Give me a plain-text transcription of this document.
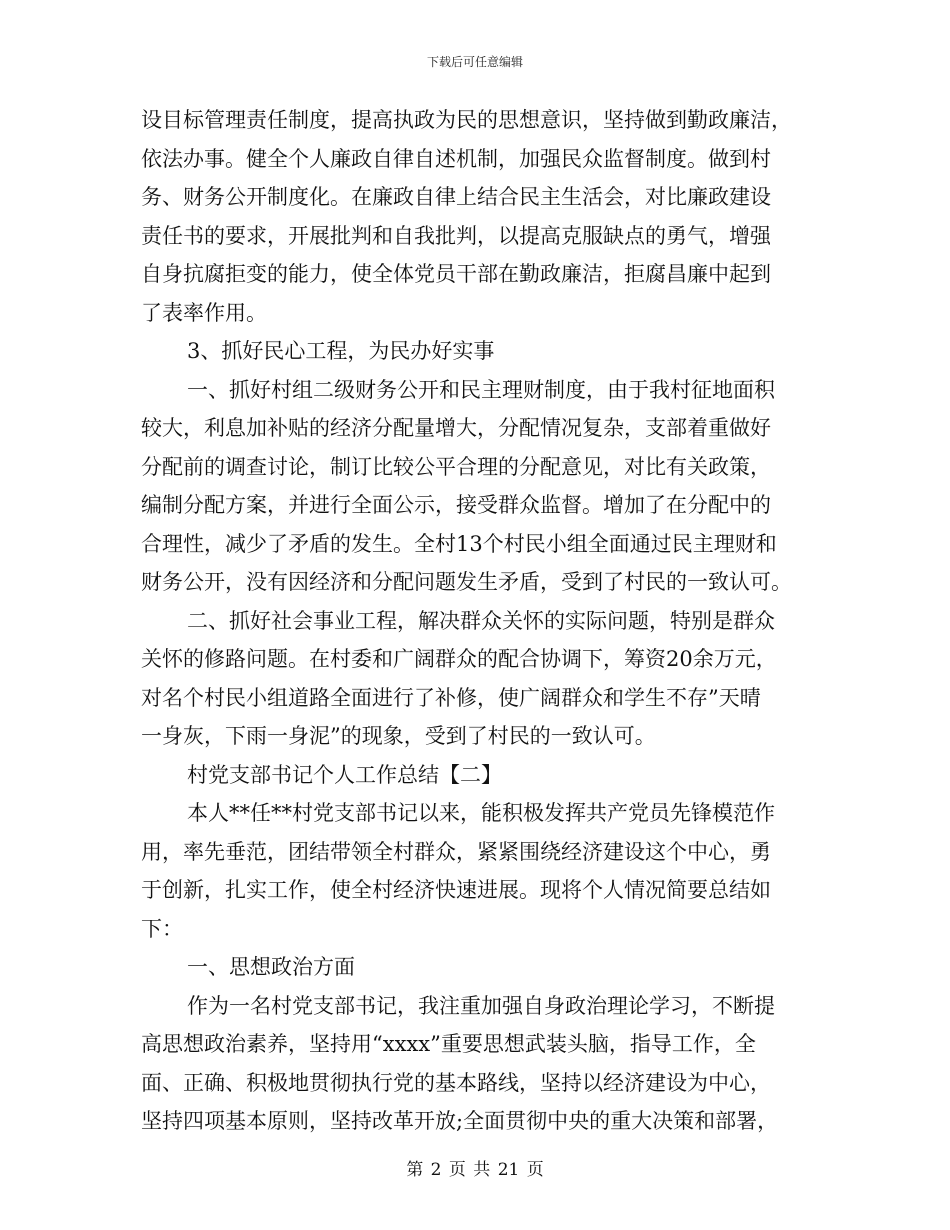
下载后可任意编辑

设目标管理责任制度，提高执政为民的思想意识，坚持做到勤政廉洁，
依法办事。健全个人廉政自律自述机制，加强民众监督制度。做到村
务、财务公开制度化。在廉政自律上结合民主生活会，对比廉政建设
责任书的要求，开展批判和自我批判，以提高克服缺点的勇气，增强
自身抗腐拒变的能力，使全体党员干部在勤政廉洁，拒腐昌廉中起到
了表率作用。

3、抓好民心工程，为民办好实事

一、抓好村组二级财务公开和民主理财制度，由于我村征地面积
较大，利息加补贴的经济分配量增大，分配情况复杂，支部着重做好
分配前的调查讨论，制订比较公平合理的分配意见，对比有关政策，
编制分配方案，并进行全面公示，接受群众监督。增加了在分配中的
合理性，减少了矛盾的发生。全村13个村民小组全面通过民主理财和
财务公开，没有因经济和分配问题发生矛盾，受到了村民的一致认可。

二、抓好社会事业工程，解决群众关怀的实际问题，特别是群众
关怀的修路问题。在村委和广阔群众的配合协调下，筹资20余万元，
对名个村民小组道路全面进行了补修，使广阔群众和学生不存”天晴
一身灰，下雨一身泥”的现象，受到了村民的一致认可。

村党支部书记个人工作总结【二】

本人**任**村党支部书记以来，能积极发挥共产党员先锋模范作
用，率先垂范，团结带领全村群众，紧紧围绕经济建设这个中心，勇
于创新，扎实工作，使全村经济快速进展。现将个人情况简要总结如
下：

一、思想政治方面

作为一名村党支部书记，我注重加强自身政治理论学习，不断提
高思想政治素养，坚持用“xxxx”重要思想武装头脑，指导工作，全
面、正确、积极地贯彻执行党的基本路线，坚持以经济建设为中心，
坚持四项基本原则，坚持改革开放;全面贯彻中央的重大决策和部署，

第 2 页 共 21 页
